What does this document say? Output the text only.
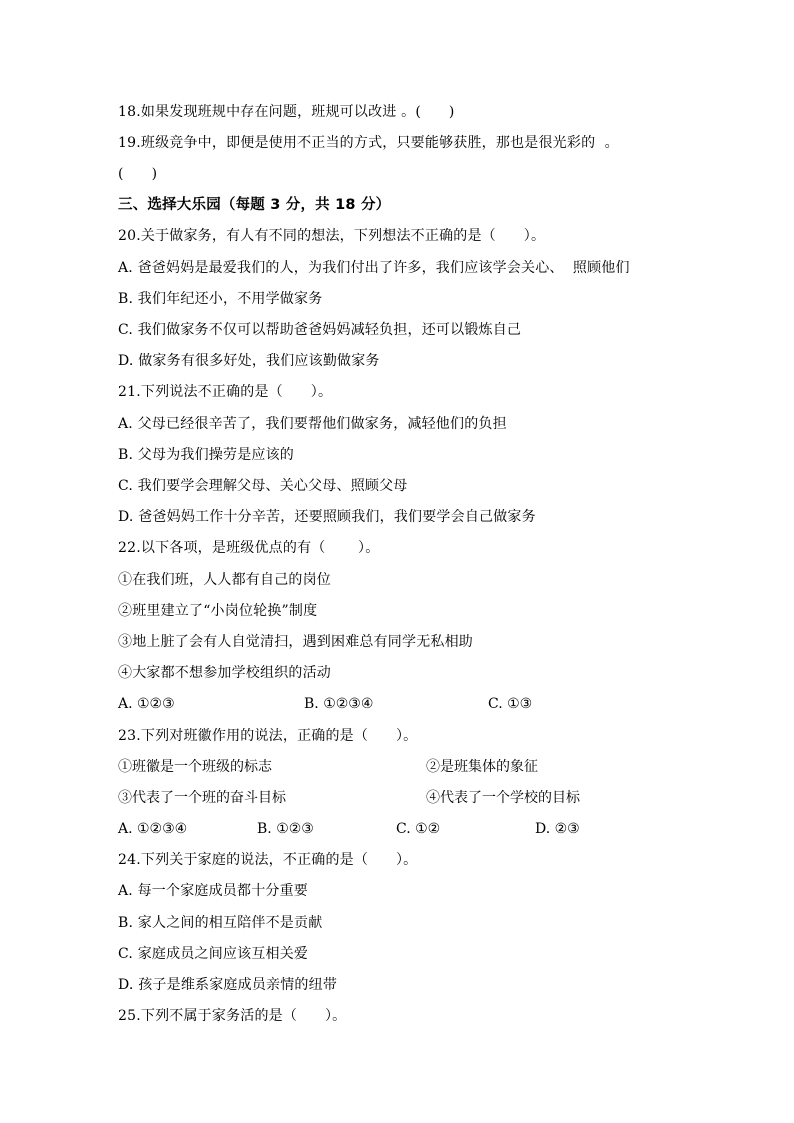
18.如果发现班规中存在问题，班规可以改进 。(      )
19.班级竞争中，即便是使用不正当的方式，只要能够获胜，那也是很光彩的  。
(      )
三、选择大乐园（每题 3 分，共 18 分）
20.关于做家务，有人有不同的想法，下列想法不正确的是（      ）。
A. 爸爸妈妈是最爱我们的人，为我们付出了许多，我们应该学会关心、  照顾他们
B. 我们年纪还小，不用学做家务
C. 我们做家务不仅可以帮助爸爸妈妈减轻负担，还可以锻炼自己
D. 做家务有很多好处，我们应该勤做家务
21.下列说法不正确的是（      ）。
A. 父母已经很辛苦了，我们要帮他们做家务，减轻他们的负担
B. 父母为我们操劳是应该的
C. 我们要学会理解父母、关心父母、照顾父母
D. 爸爸妈妈工作十分辛苦，还要照顾我们，我们要学会自己做家务
22.以下各项，是班级优点的有（       ）。
①在我们班，人人都有自己的岗位
②班里建立了“小岗位轮换”制度
③地上脏了会有人自觉清扫，遇到困难总有同学无私相助
④大家都不想参加学校组织的活动
A. ①②③	B. ①②③④	C. ①③
23.下列对班徽作用的说法，正确的是（      ）。
①班徽是一个班级的标志	②是班集体的象征
③代表了一个班的奋斗目标	④代表了一个学校的目标
A. ①②③④	B. ①②③	C. ①②	D. ②③
24.下列关于家庭的说法，不正确的是（      ）。
A. 每一个家庭成员都十分重要
B. 家人之间的相互陪伴不是贡献
C. 家庭成员之间应该互相关爱
D. 孩子是维系家庭成员亲情的纽带
25.下列不属于家务活的是（      ）。
